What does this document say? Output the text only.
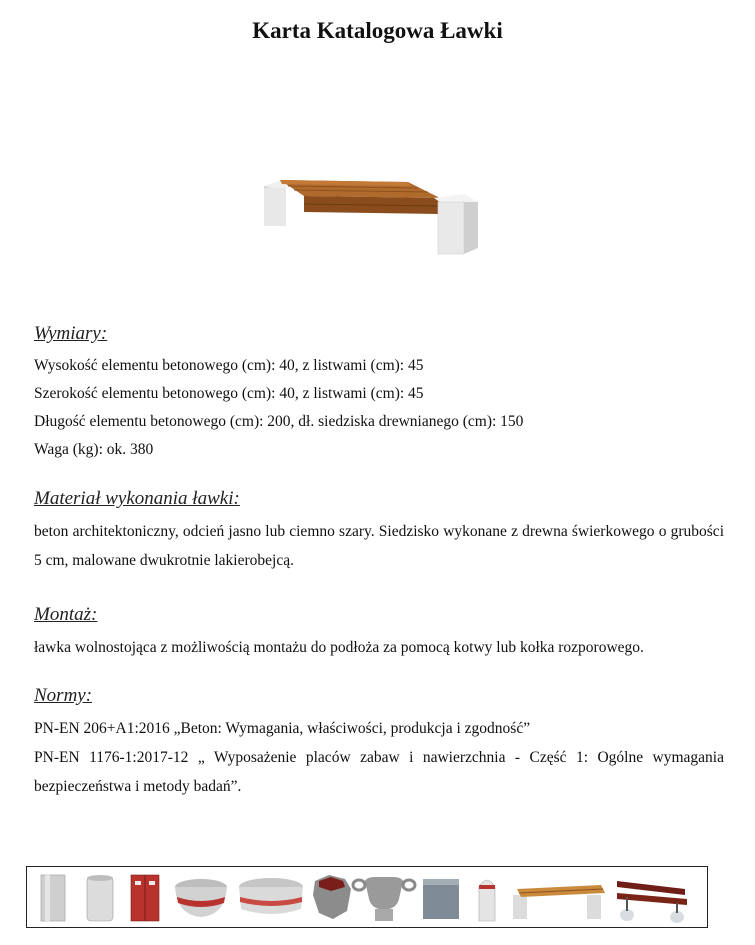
Karta Katalogowa Ławki
Wymiary:
Wysokość elementu betonowego (cm): 40, z listwami (cm): 45
Szerokość elementu betonowego (cm): 40, z listwami (cm): 45
Długość elementu betonowego (cm): 200, dł. siedziska drewnianego (cm): 150
Waga (kg): ok. 380
Materiał wykonania ławki:
beton architektoniczny, odcień jasno lub ciemno szary. Siedzisko wykonane z drewna świerkowego o grubości 5 cm, malowane dwukrotnie lakierobejcą.
Montaż:
ławka wolnostojąca z możliwością montażu do podłoża za pomocą kotwy lub kołka rozporowego.
Normy:
PN-EN 206+A1:2016 „Beton: Wymagania, właściwości, produkcja i zgodność”
PN-EN 1176-1:2017-12 „ Wyposażenie placów zabaw i nawierzchnia - Część 1: Ogólne wymagania bezpieczeństwa i metody badań”.
